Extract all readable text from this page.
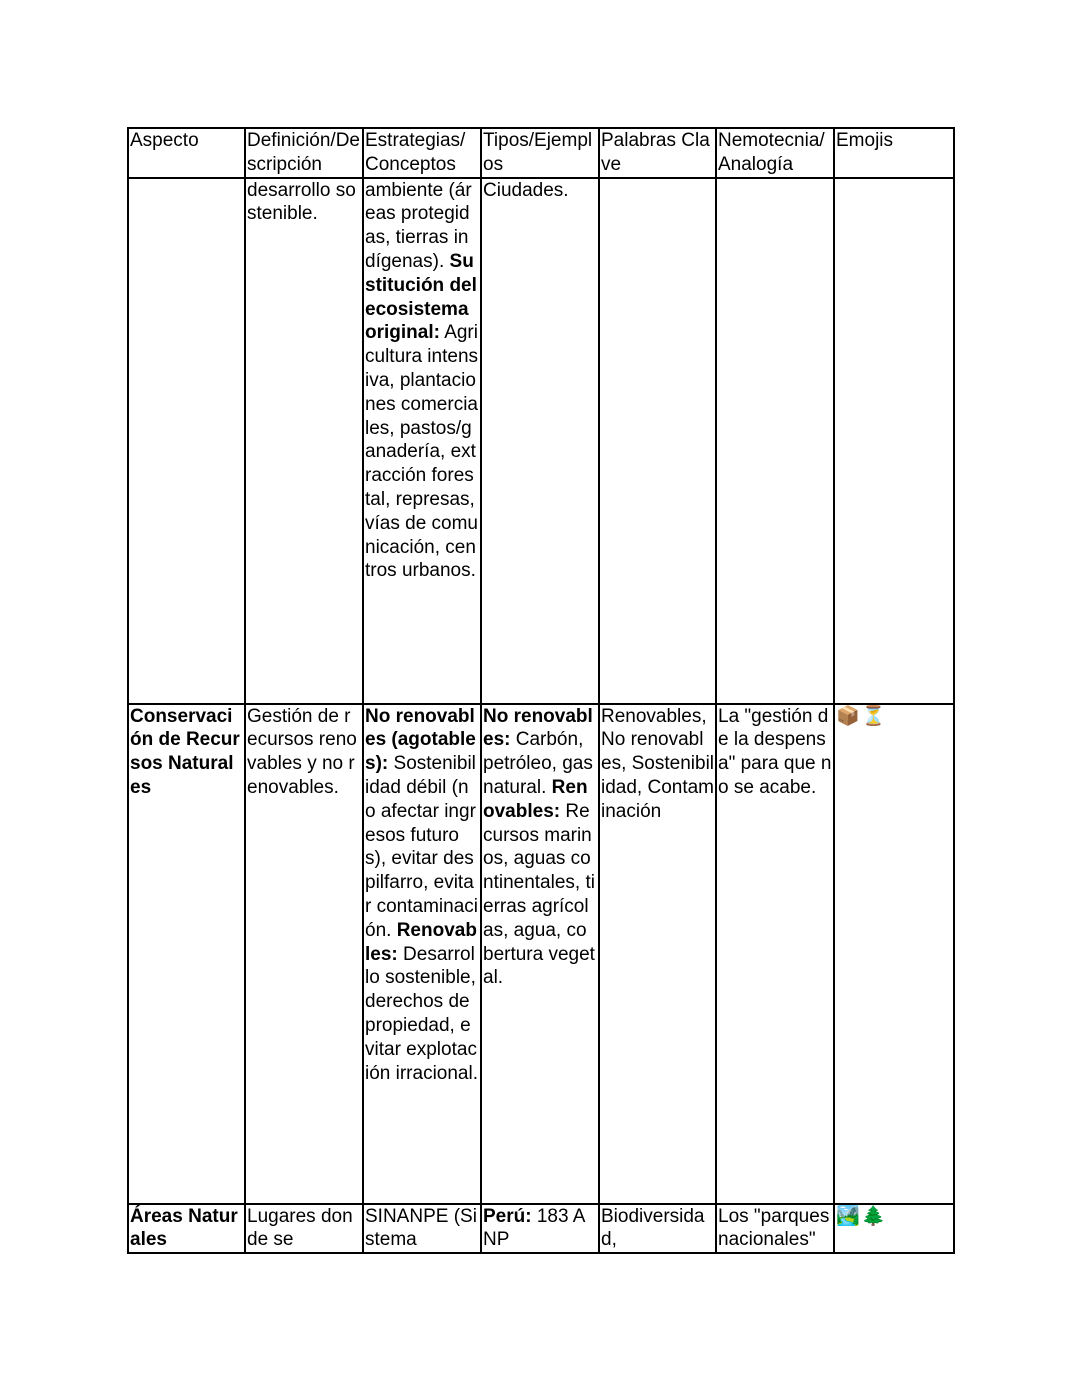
Aspecto	Definición/Descripción	Estrategias/Conceptos	Tipos/Ejemplos	Palabras Clave	Nemotecnia/Analogía	Emojis
	desarrollo sostenible.	ambiente (áreas protegidas, tierras indígenas). Sustitución del ecosistema original: Agricultura intensiva, plantaciones comerciales, pastos/ganadería, extracción forestal, represas, vías de comunicación, centros urbanos.	Ciudades.			
Conservación de Recursos Naturales	Gestión de recursos renovables y no renovables.	No renovables (agotables): Sostenibilidad débil (no afectar ingresos futuros), evitar despilfarro, evitar contaminación. Renovables: Desarrollo sostenible, derechos de propiedad, evitar explotación irracional.	No renovables: Carbón, petróleo, gas natural. Renovables: Recursos marinos, aguas continentales, tierras agrícolas, agua, cobertura vegetal.	Renovables, No renovables, Sostenibilidad, Contaminación	La "gestión de la despensa" para que no se acabe.	📦⏳
Áreas Naturales	Lugares donde se	SINANPE (Sistema	Perú: 183 ANP	Biodiversidad,	Los "parques nacionales"	🏞️🌲
